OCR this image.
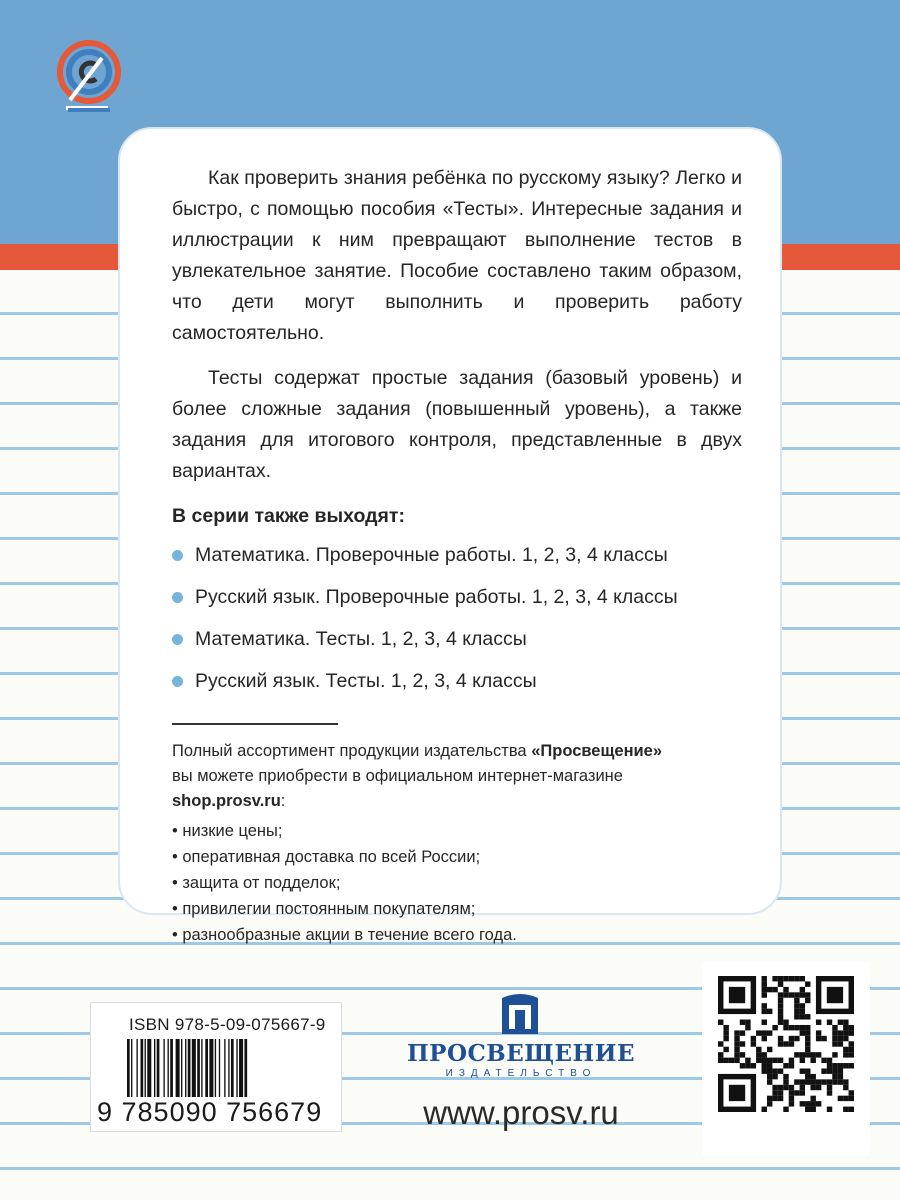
Как проверить знания ребёнка по русскому языку? Легко и быстро, с помощью пособия «Тесты». Интересные задания и иллюстрации к ним превращают выполнение тестов в увлекательное занятие. Пособие составлено таким образом, что дети могут выполнить и проверить работу самостоятельно.

Тесты содержат простые задания (базовый уровень) и более сложные задания (повышенный уровень), а также задания для итогового контроля, представленные в двух вариантах.

В серии также выходят:
Математика. Проверочные работы. 1, 2, 3, 4 классы
Русский язык. Проверочные работы. 1, 2, 3, 4 классы
Математика. Тесты. 1, 2, 3, 4 классы
Русский язык. Тесты. 1, 2, 3, 4 классы
Полный ассортимент продукции издательства «Просвещение»
вы можете приобрести в официальном интернет-магазине
shop.prosv.ru:
• низкие цены;
• оперативная доставка по всей России;
• защита от подделок;
• привилегии постоянным покупателям;
• разнообразные акции в течение всего года.
ISBN 978-5-09-075667-9
9 785090 756679
ПРОСВЕЩЕНИЕ
ИЗДАТЕЛЬСТВО
www.prosv.ru
